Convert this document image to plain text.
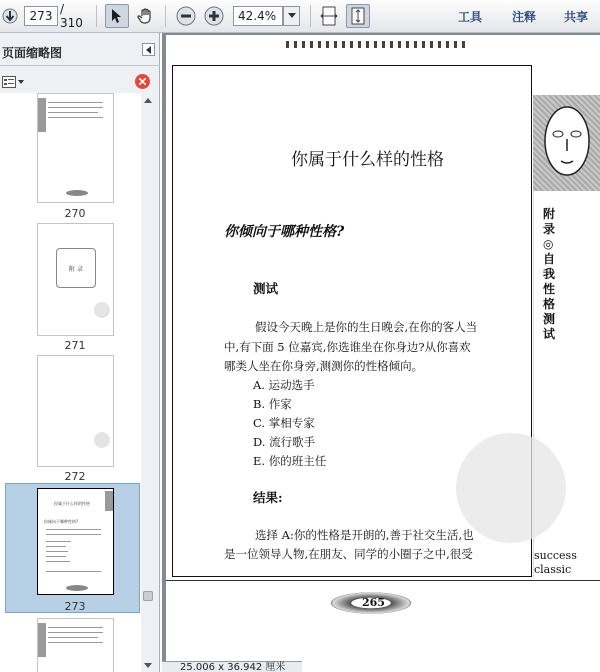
273 / 310	42.4%	工具 注释 共享
页面缩略图
270
附 录
271
272
你属于什么样的性格
你倾向于哪种性格?
273
你属于什么样的性格
你倾向于哪种性格?
测试
假设今天晚上是你的生日晚会,在你的客人当
中,有下面 5 位嘉宾,你选谁坐在你身边?从你喜欢
哪类人坐在你身旁,测测你的性格倾向。
A. 运动选手
B. 作家
C. 掌相专家
D. 流行歌手
E. 你的班主任
结果:
选择 A:你的性格是开朗的,善于社交生活,也
是一位领导人物,在朋友、同学的小圈子之中,很受
附录◎自我性格测试
success
classic
265
25.006 x 36.942 厘米
